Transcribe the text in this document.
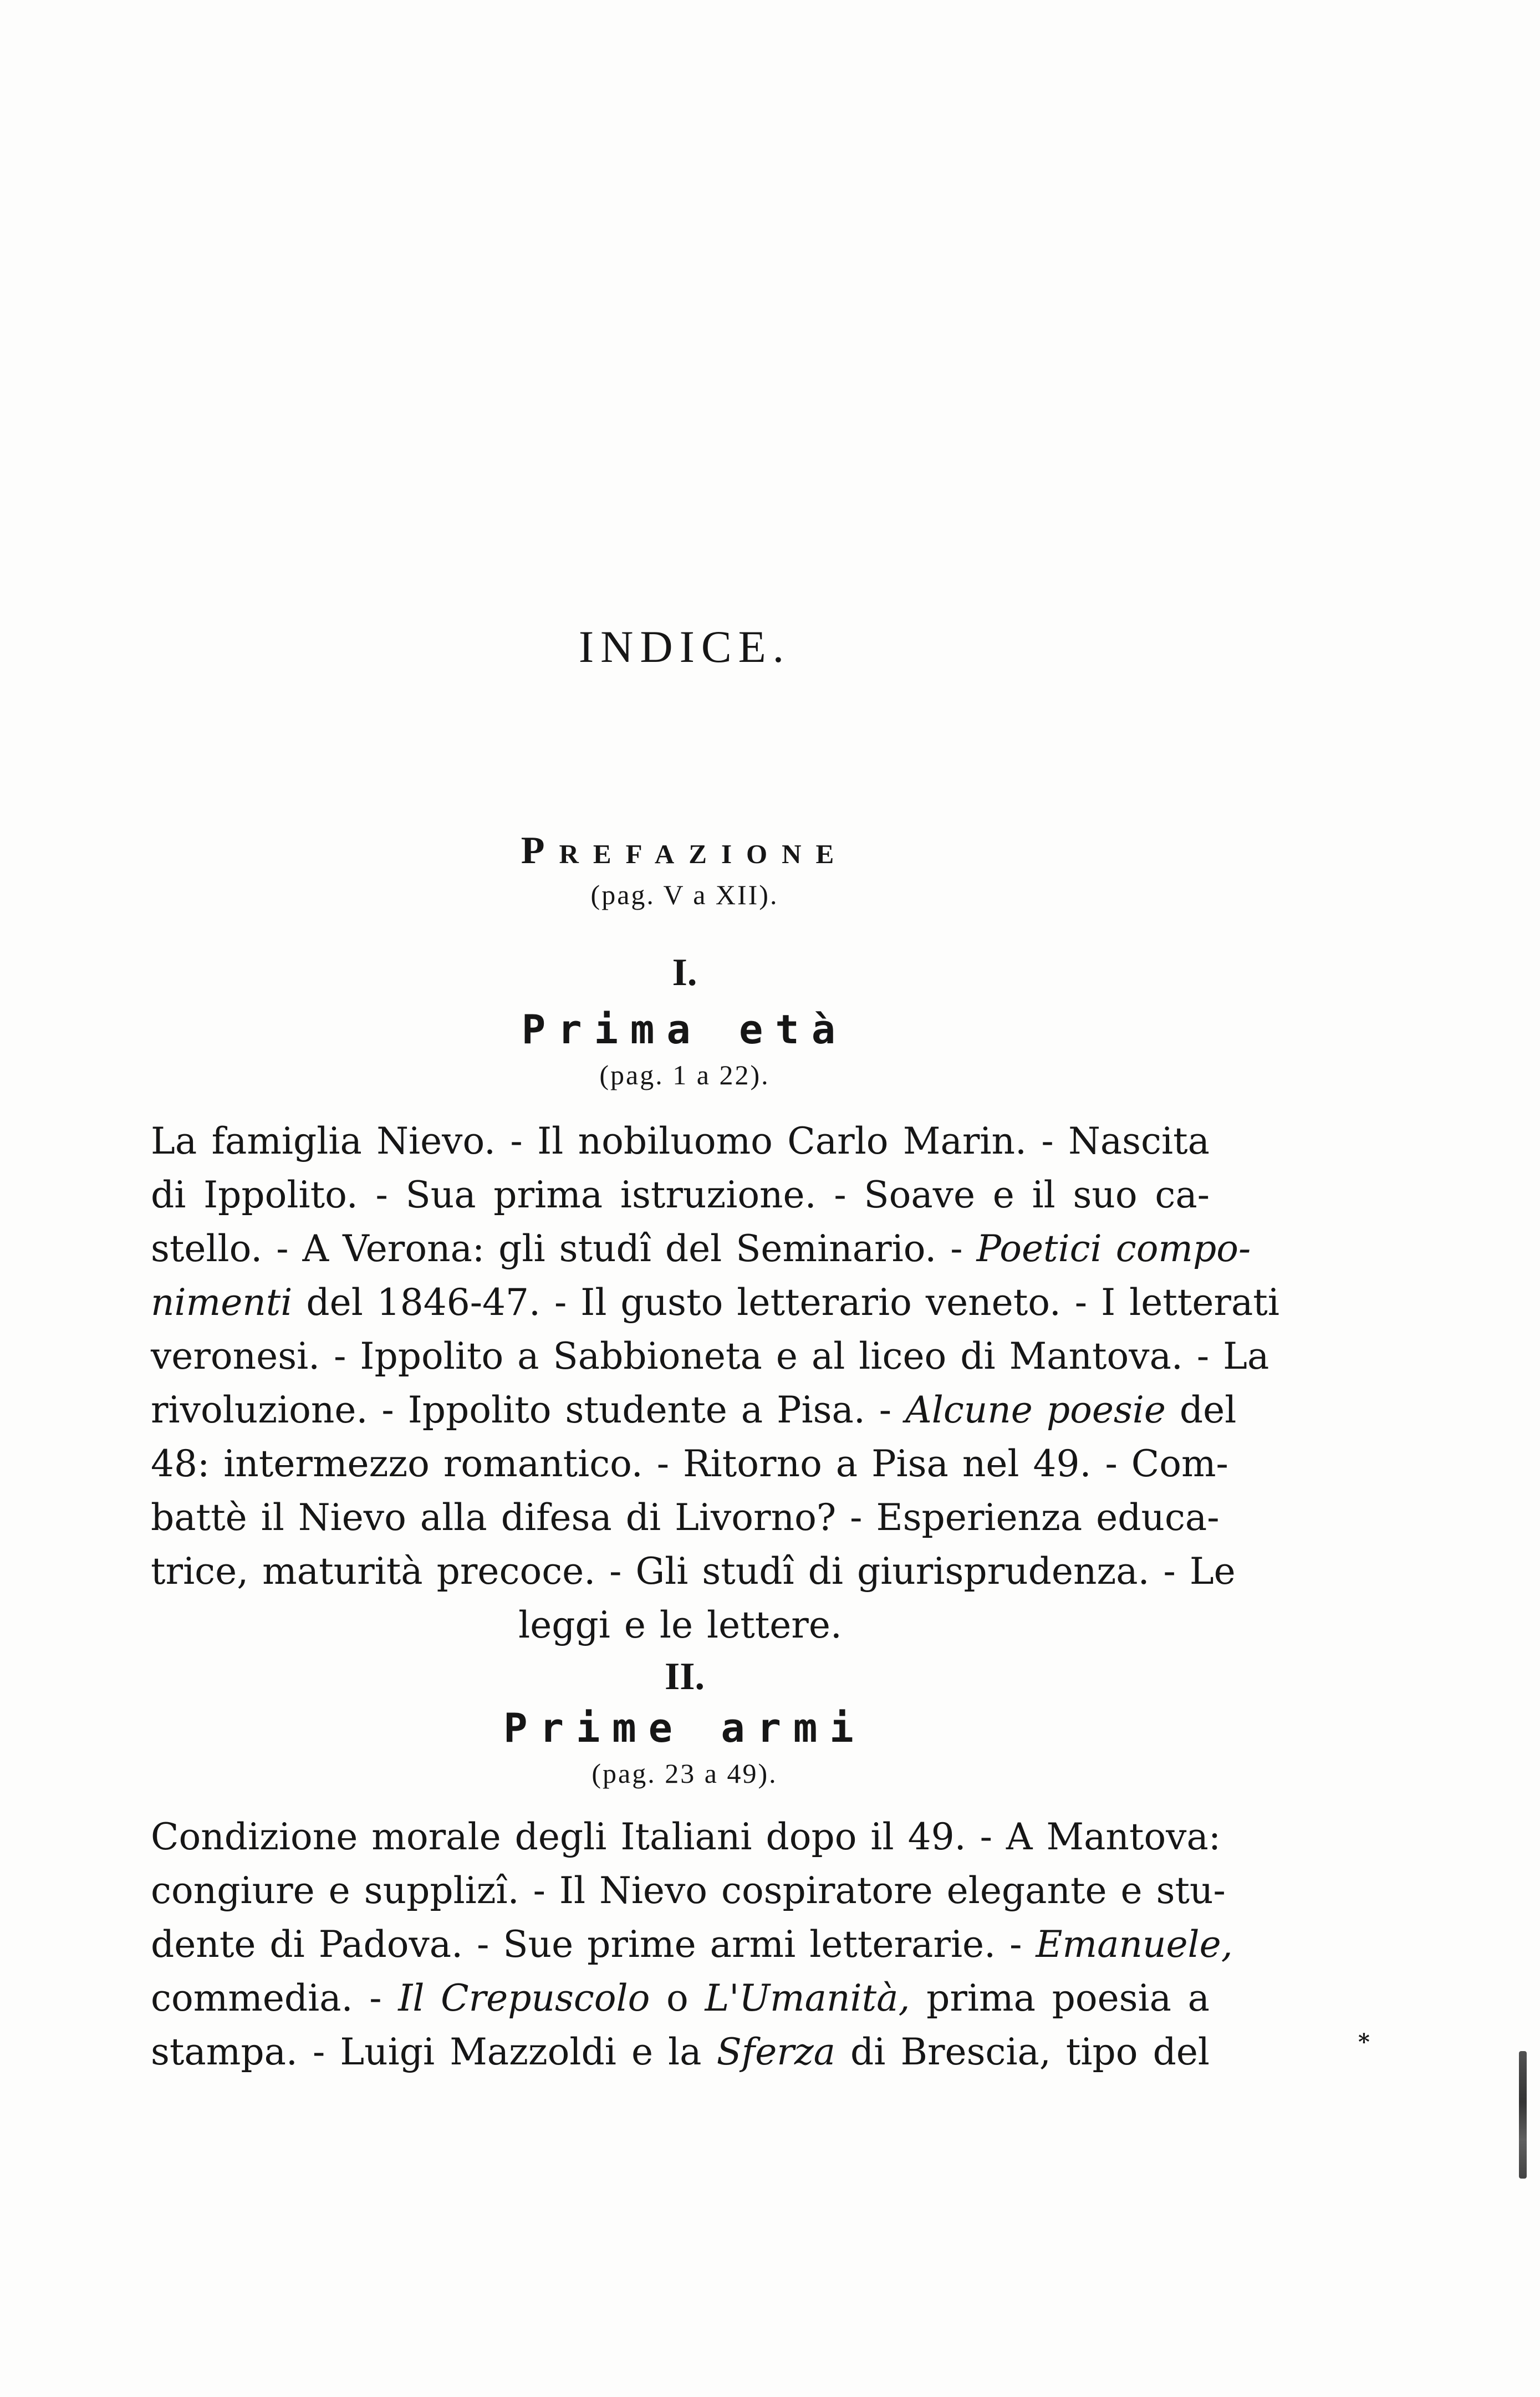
INDICE.
Prefazione
(pag. V a XII).
I.
Prima età
(pag. 1 a 22).
La famiglia Nievo. - Il nobiluomo Carlo Marin. - Nascita
di Ippolito. - Sua prima istruzione. - Soave e il suo ca-
stello. - A Verona: gli studî del Seminario. - Poetici compo-
nimenti del 1846-47. - Il gusto letterario veneto. - I letterati
veronesi. - Ippolito a Sabbioneta e al liceo di Mantova. - La
rivoluzione. - Ippolito studente a Pisa. - Alcune poesie del
48: intermezzo romantico. - Ritorno a Pisa nel 49. - Com-
battè il Nievo alla difesa di Livorno? - Esperienza educa-
trice, maturità precoce. - Gli studî di giurisprudenza. - Le
leggi e le lettere.
II.
Prime armi
(pag. 23 a 49).
Condizione morale degli Italiani dopo il 49. - A Mantova:
congiure e supplizî. - Il Nievo cospiratore elegante e stu-
dente di Padova. - Sue prime armi letterarie. - Emanuele,
commedia. - Il Crepuscolo o L'Umanità, prima poesia a
stampa. - Luigi Mazzoldi e la Sferza di Brescia, tipo del	*
